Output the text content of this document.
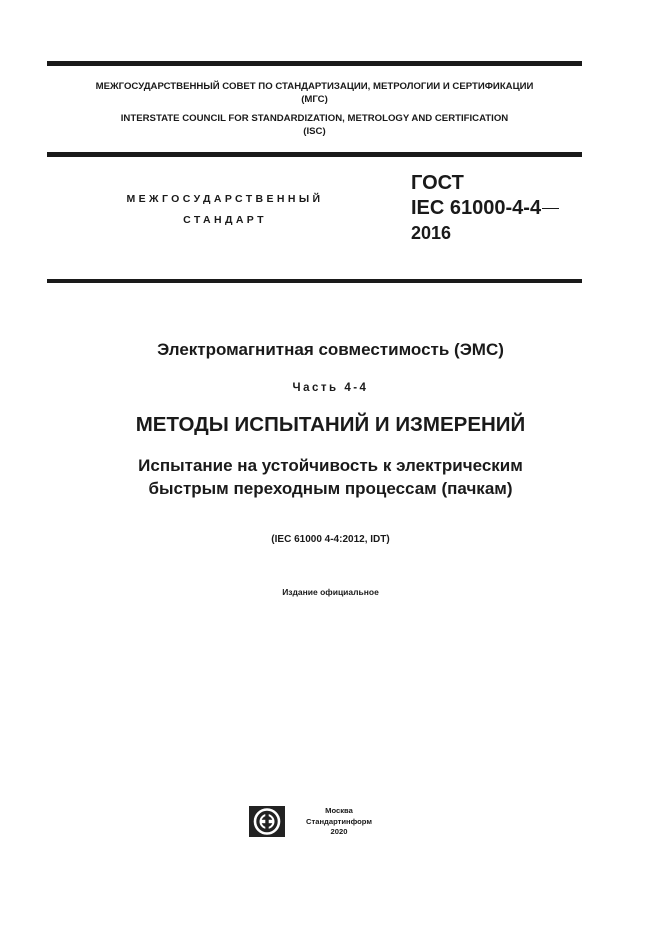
МЕЖГОСУДАРСТВЕННЫЙ СОВЕТ ПО СТАНДАРТИЗАЦИИ, МЕТРОЛОГИИ И СЕРТИФИКАЦИИ
(МГС)
INTERSTATE COUNCIL FOR STANDARDIZATION, METROLOGY AND CERTIFICATION
(ISC)
МЕЖГОСУДАРСТВЕННЫЙ
СТАНДАРТ
ГОСТ
IEC 61000-4-4
2016
Электромагнитная совместимость (ЭМС)
Часть 4-4
МЕТОДЫ ИСПЫТАНИЙ И ИЗМЕРЕНИЙ
Испытание на устойчивость к электрическим
быстрым переходным процессам (пачкам)
(IEC 61000 4-4:2012, IDT)
Издание официальное
Москва
Стандартинформ
2020
